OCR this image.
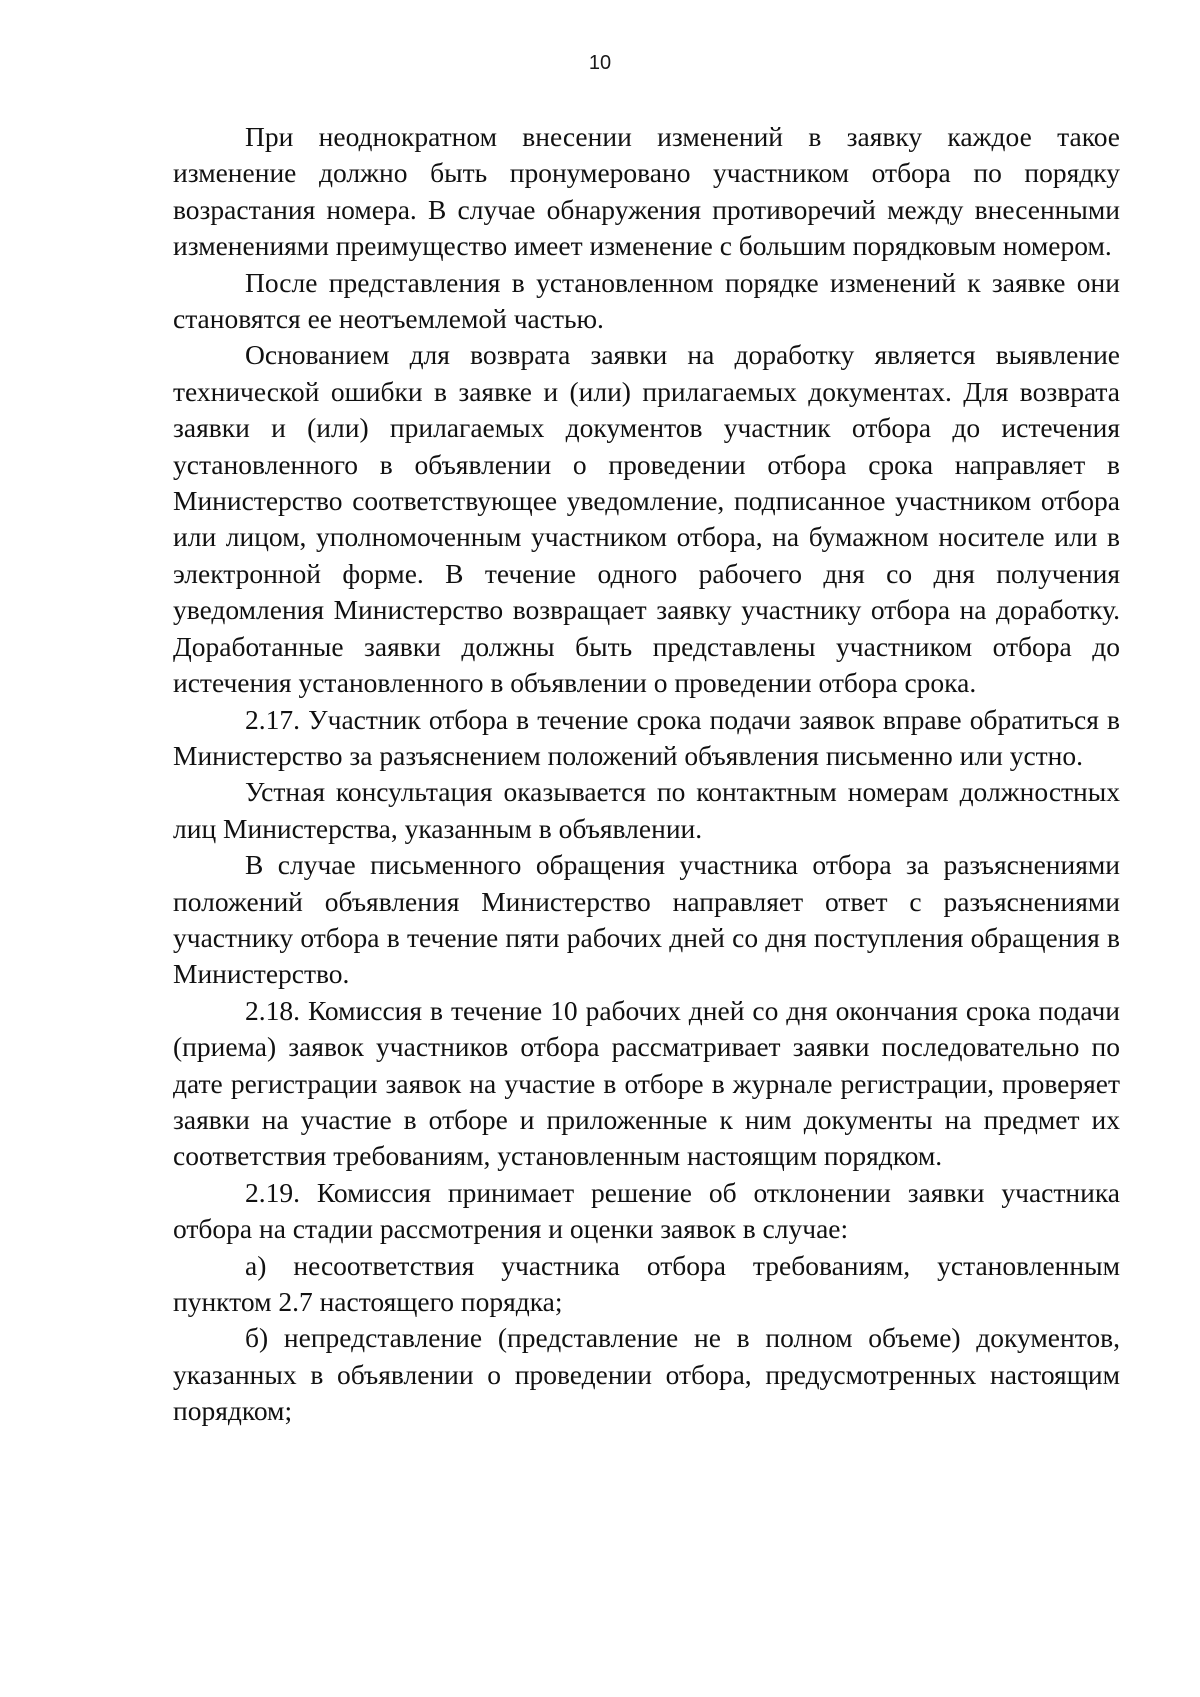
10

При неоднократном внесении изменений в заявку каждое такое изменение должно быть пронумеровано участником отбора по порядку возрастания номера. В случае обнаружения противоречий между внесенными изменениями преимущество имеет изменение с большим порядковым номером.

После представления в установленном порядке изменений к заявке они становятся ее неотъемлемой частью.

Основанием для возврата заявки на доработку является выявление технической ошибки в заявке и (или) прилагаемых документах. Для возврата заявки и (или) прилагаемых документов участник отбора до истечения установленного в объявлении о проведении отбора срока направляет в Министерство соответствующее уведомление, подписанное участником отбора или лицом, уполномоченным участником отбора, на бумажном носителе или в электронной форме. В течение одного рабочего дня со дня получения уведомления Министерство возвращает заявку участнику отбора на доработку. Доработанные заявки должны быть представлены участником отбора до истечения установленного в объявлении о проведении отбора срока.

2.17. Участник отбора в течение срока подачи заявок вправе обратиться в Министерство за разъяснением положений объявления письменно или устно.

Устная консультация оказывается по контактным номерам должностных лиц Министерства, указанным в объявлении.

В случае письменного обращения участника отбора за разъяснениями положений объявления Министерство направляет ответ с разъяснениями участнику отбора в течение пяти рабочих дней со дня поступления обращения в Министерство.

2.18. Комиссия в течение 10 рабочих дней со дня окончания срока подачи (приема) заявок участников отбора рассматривает заявки последовательно по дате регистрации заявок на участие в отборе в журнале регистрации, проверяет заявки на участие в отборе и приложенные к ним документы на предмет их соответствия требованиям, установленным настоящим порядком.

2.19. Комиссия принимает решение об отклонении заявки участника отбора на стадии рассмотрения и оценки заявок в случае:

а) несоответствия участника отбора требованиям, установленным пунктом 2.7 настоящего порядка;

б) непредставление (представление не в полном объеме) документов, указанных в объявлении о проведении отбора, предусмотренных настоящим порядком;
